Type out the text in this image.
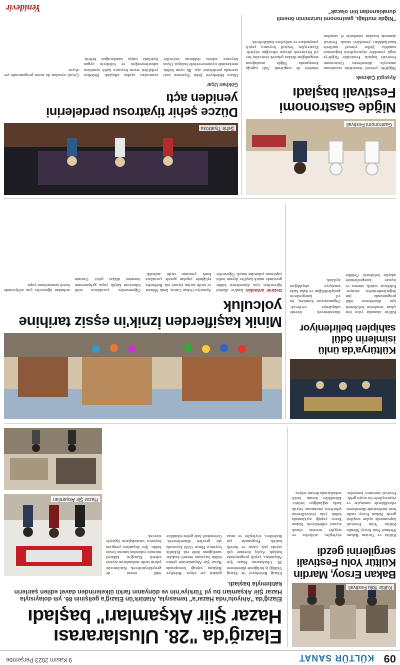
09
KÜLTÜR SANAT
9 Kasım 2023 Perşembe
Kültür Yolu Festivali
Bakan Ersoy, Mardin Kültür Yolu Festivali sergilerini gezdi
Kültür ve Turizm Bakanı Mehmet Nuri Ersoy, Mardin Kültür Yolu Festivali kapsamında açılan sergileri gezdi. Bakan Ersoy, tarihi kent merkezinde düzenlenen etkinliklerde sanatçılar ve ziyaretçilerle bir araya geldi. Festival süresince konserler, söyleşiler, atölyeler ve sergiler ücretsiz olarak ziyaret edilebilecek. Bakan Ersoy yaptığı açıklamada kültür yolu festivallerinin şehirlerin tanıtımına büyük katkı sağladığını belirtti. Etkinlikler kentin farklı noktalarında devam ediyor.
Elazığ'da "28. Uluslararası
Hazar Şiir Akşamları" başladı
Elazığ'da "Ahiyolu'nda Hazar'a" temasıyla, Atatürk'ün Elazığ'a gelişinin 86. yılı dolayısıyla Hazar Şiir Akşamları bu yıl Türkiye'nin ve dünyanın farklı ülkelerinden davet edilen şairlerin katılımıyla başladı.
Elazığ Belediyesi ile Elazığ Valiliği iş birliğinde düzenlenen 28. Uluslararası Hazar Şiir Akşamları, çeşitli programlarla başladı. Açılış törenine çok sayıda şair, yazar ve davetli katıldı. Programda şiir dinletileri, söyleşiler ve imza günleri yer alıyor. Belediye Başkanı yaptığı konuşmada Hazar Şiir Akşamlarının şehrin kültür hayatına önemli katkılar sunduğunu ifade etti. Etkinlik boyunca Hazar Gölü kıyısında şiir geceleri düzenlenecek. Geleneksel hale gelen etkinlikte ödül töreni de gerçekleştirilecek. Katılımcılar şehrin tarihi mekanlarını ziyaret ederek Elazığ'ın kültürel mirasını yakından tanıma fırsatı buldu. Şiir akşamları program boyunca vatandaşların ilgisiyle sürecek.
Hazar Şiir Akşamları
Kültürya'da ünlü isimlerin ödül sahipleri belirleniyor
Kültür alanında yılın öne çıkan isimlerini belirlemek için düzenlenen ödül programında jüri değerlendirmeleri sürüyor. Edebiyat, müzik, sinema ve tiyatro kategorilerinde adaylar belirlendi. Ödüller düzenlenecek törenle sahiplerine verilecek. Organizasyon komitesi, bu yıl kategorilerin genişletildiğini ve daha fazla sanatçıya ulaşıldığını açıkladı.
Minik kaşiflerden İznik'in eşsiz tarihine yolculuk
Gezinin ardından İznik'te ilkokul öğrencileri için düzenlenen kültür gezisinde minik kaşifler ilçenin tarihi yapılarını yakından tanıdı. Öğrenciler Ayasofya Orhan Camii, İznik Müzesi ve tarihi surları ziyaret etti. Rehberler eşliğinde yapılan gezide çocuklara İznik çinisinin tarihi anlatıldı. Öğretmenler, çocukların tarih bilincinin küçük yaşta gelişmesinin önemine dikkat çekti. Gezinin ardından öğrenciler çini atölyesinde kendi tasarımlarını yaptı.
Gastronomi Festivali
Niğde Gastronomi Festivali başladı
Ayşegül Çakmak
Niğde'de yöresel lezzetlerin tanıtılması amacıyla düzenlenen Gastronomi Festivali başladı. Festivalde Niğde'ye özgü yemekler ziyaretçilerin beğenisine sunuldu. Şefler yöresel tariflerle hazırladıkları yemekleri tanıttı. Festival alanında kurulan stantlarda el sanatları ürünleri de sergilendi. Vali yaptığı konuşmada Niğde mutfağının zenginliğine dikkat çekerek festivalin her yıl büyüyerek devam edeceğini söyledi. Ziyaretçiler festival boyunca çeşitli yarışmalara ve atölyelere katılabilecek.
"Niğde mutfağı, gastronomi turizminin önemli duraklarından biri olacak"
Şehir Tiyatrosu
Düzce şehir tiyatrosu perdelerini yeniden açtı
Gökhan Uçar
Düzce Belediyesi Şehir Tiyatrosu yeni sezonda perdelerini açtı. İlk oyun kültür merkezinde tiyatroseverlerle buluştu. Oyun boyunca salonu dolduran seyirciler oyuncuları ayakta alkışladı. Belediye yetkilileri sezon boyunca farklı oyunların sahneleneceğini ve biletlerin uygun fiyatlarla satışa sunulacağını belirtti. Çocuk oyunları da sezon programında yer alıyor.
Yenidevir
